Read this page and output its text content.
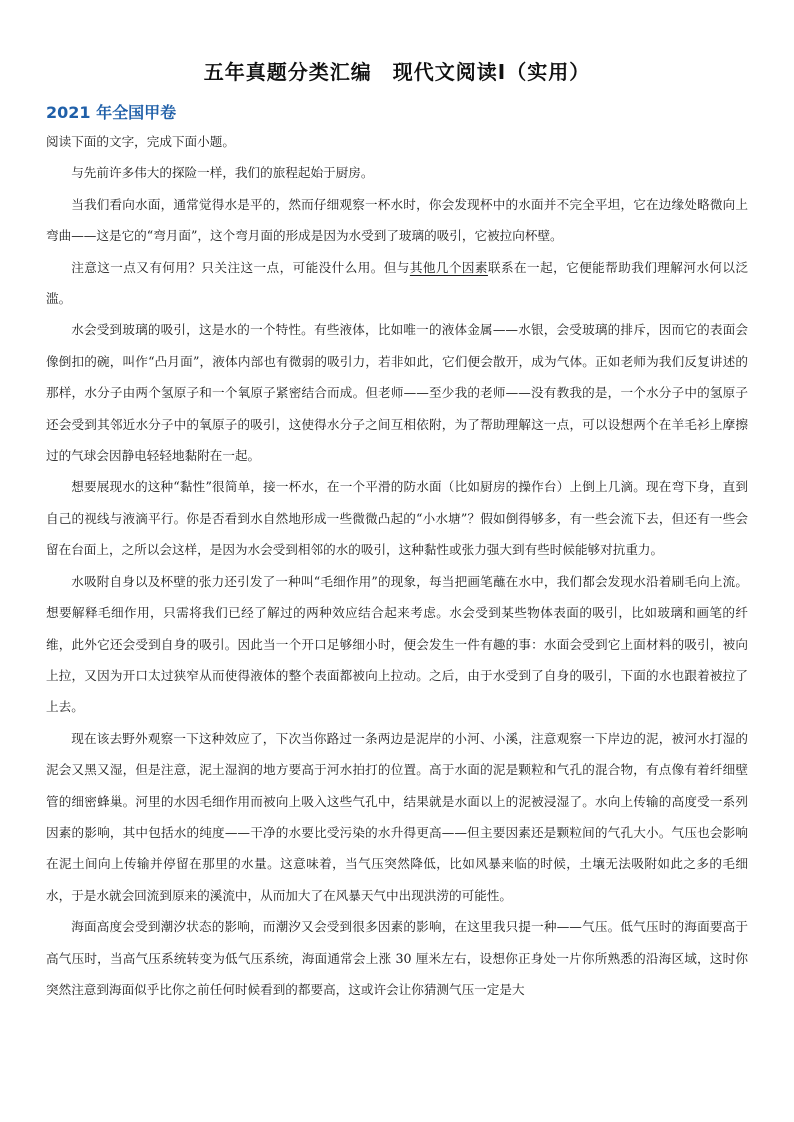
五年真题分类汇编　现代文阅读Ⅰ（实用）
2021 年全国甲卷

阅读下面的文字，完成下面小题。

与先前许多伟大的探险一样，我们的旅程起始于厨房。

当我们看向水面，通常觉得水是平的，然而仔细观察一杯水时，你会发现杯中的水面并不完全平坦，它在边缘处略微向上弯曲——这是它的“弯月面”，这个弯月面的形成是因为水受到了玻璃的吸引，它被拉向杯壁。

注意这一点又有何用？只关注这一点，可能没什么用。但与其他几个因素联系在一起，它便能帮助我们理解河水何以泛滥。

水会受到玻璃的吸引，这是水的一个特性。有些液体，比如唯一的液体金属——水银，会受玻璃的排斥，因而它的表面会像倒扣的碗，叫作“凸月面”，液体内部也有微弱的吸引力，若非如此，它们便会散开，成为气体。正如老师为我们反复讲述的那样，水分子由两个氢原子和一个氧原子紧密结合而成。但老师——至少我的老师——没有教我的是，一个水分子中的氢原子还会受到其邻近水分子中的氧原子的吸引，这使得水分子之间互相依附，为了帮助理解这一点，可以设想两个在羊毛衫上摩擦过的气球会因静电轻轻地黏附在一起。

想要展现水的这种“黏性”很简单，接一杯水，在一个平滑的防水面（比如厨房的操作台）上倒上几滴。现在弯下身，直到自己的视线与液滴平行。你是否看到水自然地形成一些微微凸起的“小水塘”？假如倒得够多，有一些会流下去，但还有一些会留在台面上，之所以会这样，是因为水会受到相邻的水的吸引，这种黏性或张力强大到有些时候能够对抗重力。

水吸附自身以及杯壁的张力还引发了一种叫“毛细作用”的现象，每当把画笔蘸在水中，我们都会发现水沿着刷毛向上流。想要解释毛细作用，只需将我们已经了解过的两种效应结合起来考虑。水会受到某些物体表面的吸引，比如玻璃和画笔的纤维，此外它还会受到自身的吸引。因此当一个开口足够细小时，便会发生一件有趣的事：水面会受到它上面材料的吸引，被向上拉，又因为开口太过狭窄从而使得液体的整个表面都被向上拉动。之后，由于水受到了自身的吸引，下面的水也跟着被拉了上去。

现在该去野外观察一下这种效应了，下次当你路过一条两边是泥岸的小河、小溪，注意观察一下岸边的泥，被河水打湿的泥会又黑又湿，但是注意，泥土湿润的地方要高于河水拍打的位置。高于水面的泥是颗粒和气孔的混合物，有点像有着纤细壁管的细密蜂巢。河里的水因毛细作用而被向上吸入这些气孔中，结果就是水面以上的泥被浸湿了。水向上传输的高度受一系列因素的影响，其中包括水的纯度——干净的水要比受污染的水升得更高——但主要因素还是颗粒间的气孔大小。气压也会影响在泥土间向上传输并停留在那里的水量。这意味着，当气压突然降低，比如风暴来临的时候，土壤无法吸附如此之多的毛细水，于是水就会回流到原来的溪流中，从而加大了在风暴天气中出现洪涝的可能性。

海面高度会受到潮汐状态的影响，而潮汐又会受到很多因素的影响，在这里我只提一种——气压。低气压时的海面要高于高气压时，当高气压系统转变为低气压系统，海面通常会上涨 30 厘米左右，设想你正身处一片你所熟悉的沿海区域，这时你突然注意到海面似乎比你之前任何时候看到的都要高，这或许会让你猜测气压一定是大
